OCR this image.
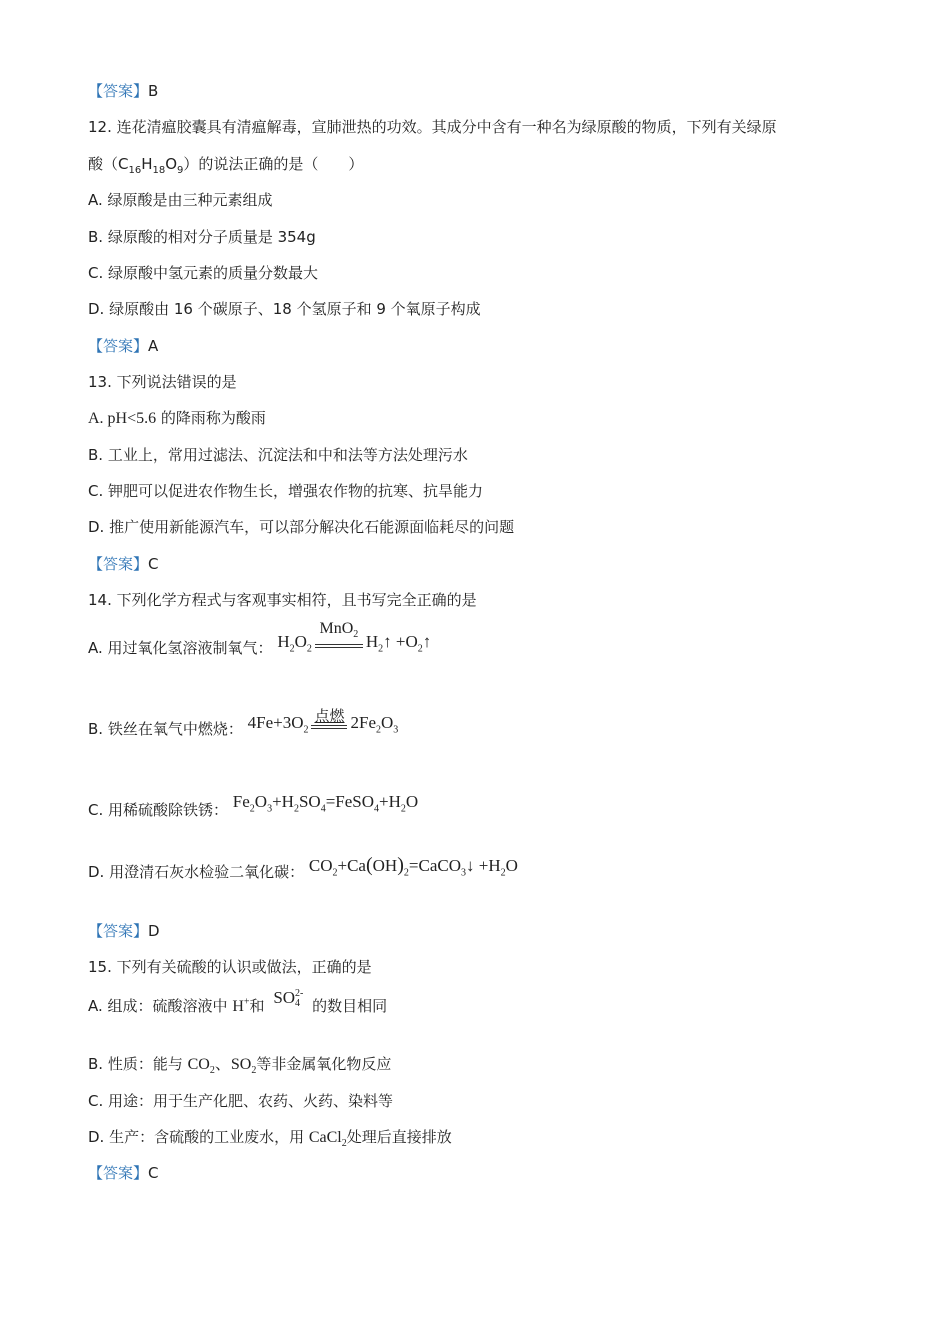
【答案】B
12. 连花清瘟胶囊具有清瘟解毒，宣肺泄热的功效。其成分中含有一种名为绿原酸的物质，下列有关绿原
酸$(C_{16}H_{18}O_9)$的说法正确的是（　　）
A. 绿原酸是由三种元素组成
B. 绿原酸的相对分子质量是 354g
C. 绿原酸中氢元素的质量分数最大
D. 绿原酸由 16 个碳原子、18 个氢原子和 9 个氧原子构成
【答案】A
13. 下列说法错误的是
A. pH<5.6 的降雨称为酸雨
B. 工业上，常用过滤法、沉淀法和中和法等方法处理污水
C. 钾肥可以促进农作物生长，增强农作物的抗寒、抗旱能力
D. 推广使用新能源汽车，可以部分解决化石能源面临耗尽的问题
【答案】C
14. 下列化学方程式与客观事实相符，且书写完全正确的是
A. 用过氧化氢溶液制氧气： $H_2O_2$
MnO$_2$ $H_2↑$ $+O_2↑$
B. 铁丝在氧气中燃烧： $4Fe+3O_2$
点燃 $2Fe_2O_3$
C. 用稀硫酸除铁锈： $Fe_2O_3+H_2SO_4=FeSO_4+H_2O$
D. 用澄清石灰水检验二氧化碳： $CO_2+Ca(OH)_2=CaCO_3↓ +H_2O$
【答案】D
15. 下列有关硫酸的认识或做法，正确的是
A. 组成：硫酸溶液中 H+和 SO 2-
4 的数目相同
B. 性质：能与 $CO_2$、$SO_2$等非金属氧化物反应
C. 用途：用于生产化肥、农药、火药、染料等
D. 生产：含硫酸的工业废水，用 CaCl$_2$处理后直接排放
【答案】C
